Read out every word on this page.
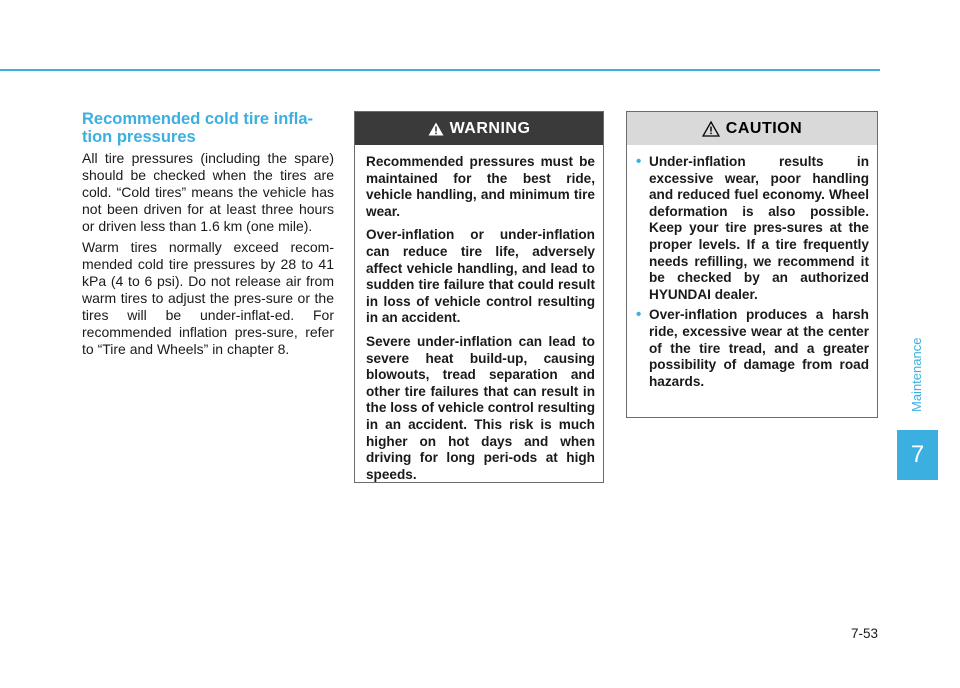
Recommended cold tire infla-tion pressures

All tire pressures (including the spare) should be checked when the tires are cold. “Cold tires” means the vehicle has not been driven for at least three hours or driven less than 1.6 km (one mile).

Warm tires normally exceed recom-mended cold tire pressures by 28 to 41 kPa (4 to 6 psi). Do not release air from warm tires to adjust the pres-sure or the tires will be under-inflat-ed. For recommended inflation pres-sure, refer to “Tire and Wheels” in chapter 8.

WARNING

Recommended pressures must be maintained for the best ride, vehicle handling, and minimum tire wear.

Over-inflation or under-inflation can reduce tire life, adversely affect vehicle handling, and lead to sudden tire failure that could result in loss of vehicle control resulting in an accident.

Severe under-inflation can lead to severe heat build-up, causing blowouts, tread separation and other tire failures that can result in the loss of vehicle control resulting in an accident. This risk is much higher on hot days and when driving for long peri-ods at high speeds.

CAUTION
• Under-inflation results in excessive wear, poor handling and reduced fuel economy. Wheel deformation is also possible. Keep your tire pres-sures at the proper levels. If a tire frequently needs refilling, we recommend it be checked by an authorized HYUNDAI dealer.
• Over-inflation produces a harsh ride, excessive wear at the center of the tire tread, and a greater possibility of damage from road hazards.	Maintenance
7
7-53
